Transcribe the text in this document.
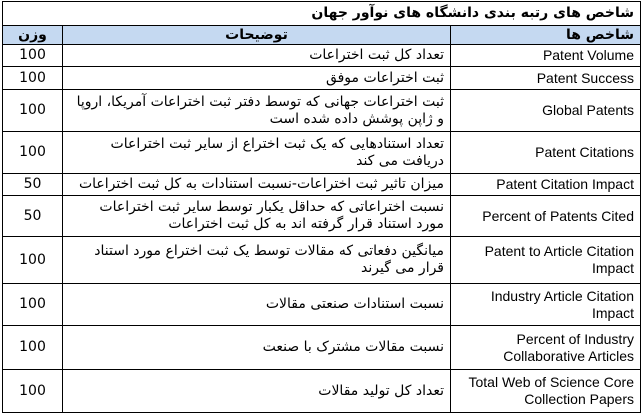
شاخص های رتبه بندی دانشگاه های نوآور جهان		
وزن	توضیحات	شاخص ها
100	تعداد کل ثبت اختراعات	Patent Volume
100	ثبت اختراعات موفق	Patent Success
100	ثبت اختراعات جهانی که توسط دفتر ثبت اختراعات آمریکا، اروپا و ژاپن پوشش داده شده است	Global Patents
100	تعداد استنادهایی که یک ثبت اختراع از سایر ثبت اختراعات دریافت می کند	Patent Citations
50	میزان تاثیر ثبت اختراعات-نسبت استنادات به کل ثبت اختراعات	Patent Citation Impact
50	نسبت اختراعاتی که حداقل یکبار توسط سایر ثبت اختراعات مورد استناد قرار گرفته اند به کل ثبت اختراعات	Percent of Patents Cited
100	میانگین دفعاتی که مقالات توسط یک ثبت اختراع مورد استناد قرار می گیرند	Patent to Article Citation Impact
100	نسبت استنادات صنعتی مقالات	Industry Article Citation Impact
100	نسبت مقالات مشترک با صنعت	Percent of Industry Collaborative Articles
100	تعداد کل تولید مقالات	Total Web of Science Core Collection Papers
